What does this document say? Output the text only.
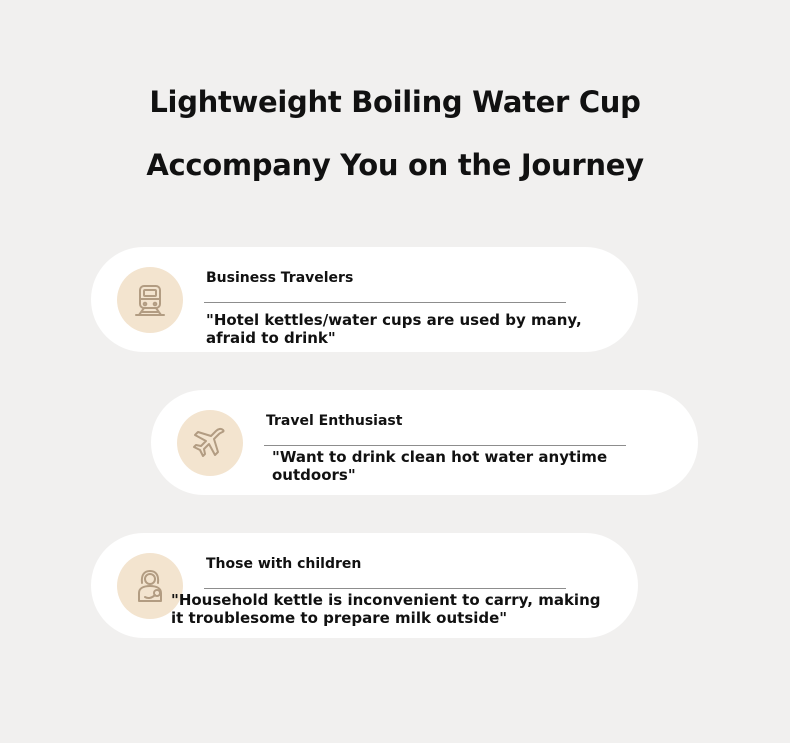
Lightweight Boiling Water Cup
Accompany You on the Journey

Business Travelers

"Hotel kettles/water cups are used by many, afraid to drink"

Travel Enthusiast

"Want to drink clean hot water anytime outdoors"

Those with children

"Household kettle is inconvenient to carry, making it troublesome to prepare milk outside"
